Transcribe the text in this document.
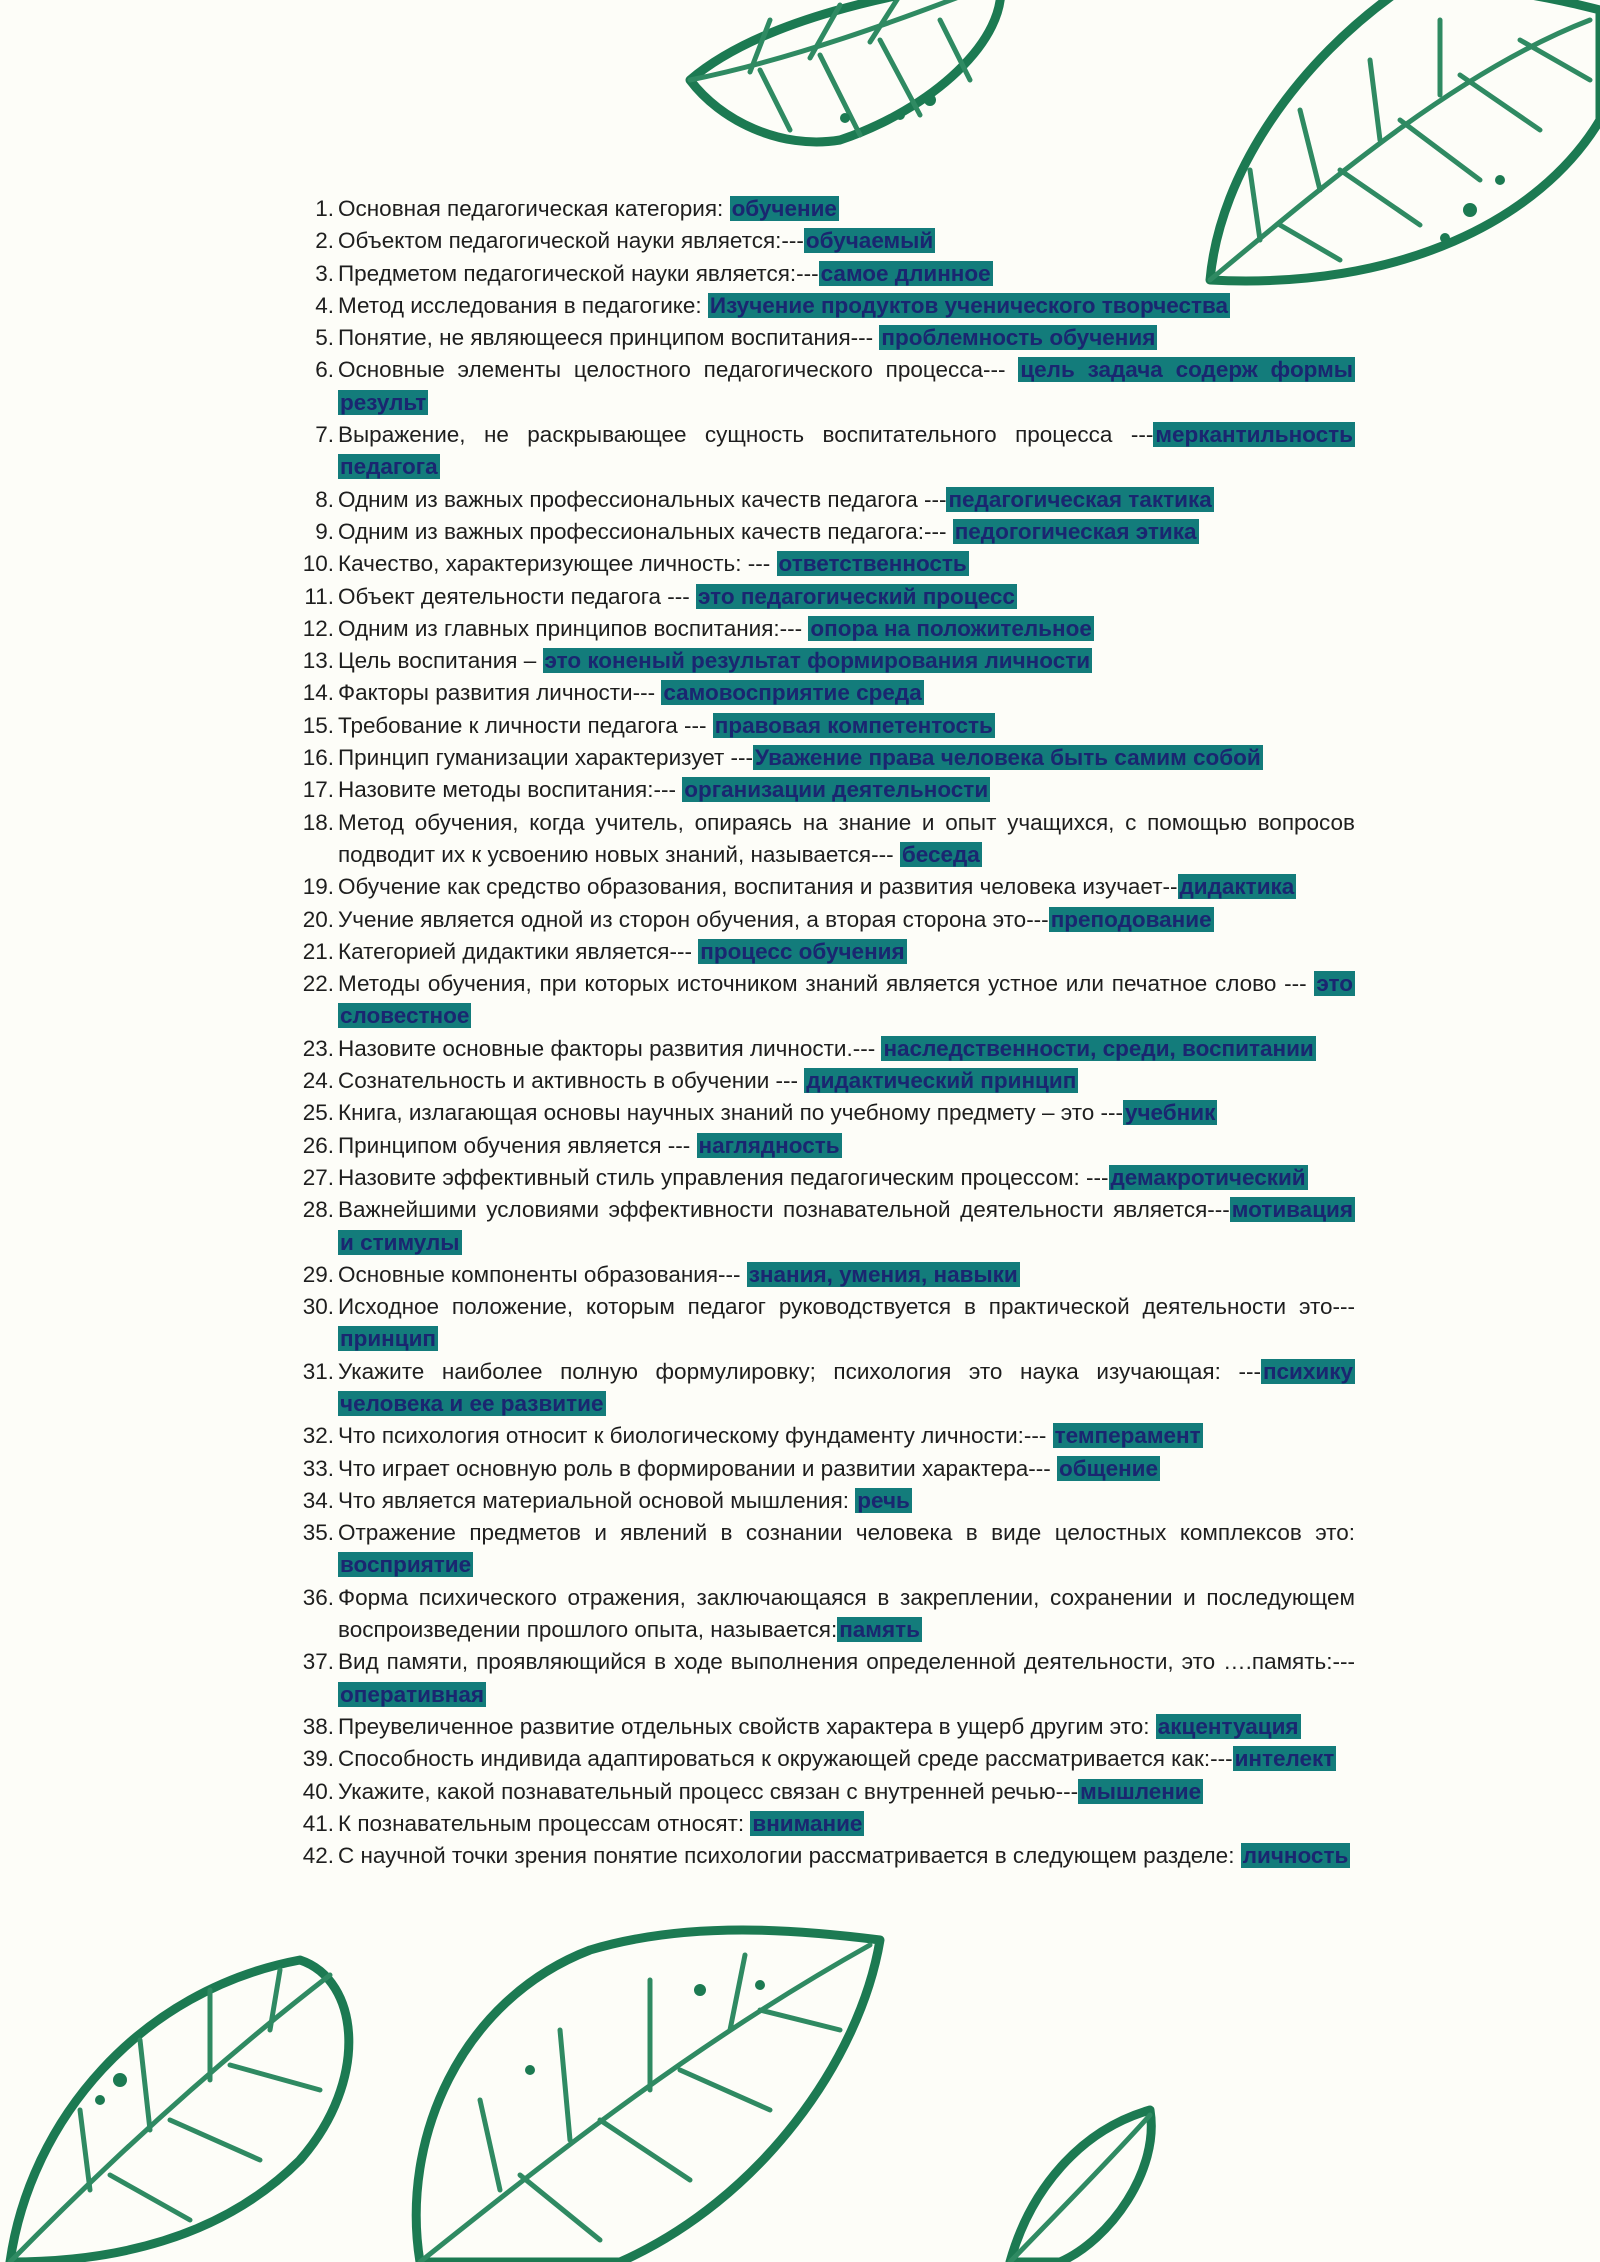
1 . Основная педагогическая категория: обучение
2 . Объектом педагогической науки является:---обучаемый
3 . Предметом педагогической науки является:---самое длинное
4 . Метод исследования в педагогике: Изучение продуктов ученического творчества
5 . Понятие, не являющееся принципом воспитания--- проблемность обучения
6 . Основные элементы целостного педагогического процесса--- цель задача содерж формы результ
7 . Выражение, не раскрывающее сущность воспитательного процесса ---меркантильность педагога
8 . Одним из важных профессиональных качеств педагога ---педагогическая тактика
9 . Одним из важных профессиональных качеств педагога:--- педогогическая этика
10 . Качество, характеризующее личность: --- ответственность
11 . Объект деятельности педагога --- это педагогический процесс
12 . Одним из главных принципов воспитания:--- опора на положительное
13 . Цель воспитания – это коненый результат формирования личности
14 . Факторы развития личности--- самовосприятие среда
15 . Требование к личности педагога --- правовая компетентость
16 . Принцип гуманизации характеризует ---Уважение права человека быть самим собой
17 . Назовите методы воспитания:--- организации деятельности
18 . Метод обучения, когда учитель, опираясь на знание и опыт учащихся, с помощью вопросов подводит их к усвоению новых знаний, называется--- беседа
19 . Обучение как средство образования, воспитания и развития человека изучает--дидактика
20 . Учение является одной из сторон обучения, а вторая сторона это---преподование
21 . Категорией дидактики является--- процесс обучения
22 . Методы обучения, при которых источником знаний является устное или печатное слово --- это словестное
23 . Назовите основные факторы развития личности.--- наследственности, среди, воспитании
24 . Сознательность и активность в обучении --- дидактический принцип
25 . Книга, излагающая основы научных знаний по учебному предмету – это ---учебник
26 . Принципом обучения является --- наглядность
27 . Назовите эффективный стиль управления педагогическим процессом: ---демакротический
28 . Важнейшими условиями эффективности познавательной деятельности является---мотивация и стимулы
29 . Основные компоненты образования--- знания, умения, навыки
30 . Исходное положение, которым педагог руководствуется в практической деятельности это--- принцип
31 . Укажите наиболее полную формулировку; психология это наука изучающая: ---психику человека и ее развитие
32 . Что психология относит к биологическому фундаменту личности:--- темперамент
33 . Что играет основную роль в формировании и развитии характера--- общение
34 . Что является материальной основой мышления: речь
35 . Отражение предметов и явлений в сознании человека в виде целостных комплексов это: восприятие
36 . Форма психического отражения, заключающаяся в закреплении, сохранении и последующем воспроизведении прошлого опыта, называется:память
37 . Вид памяти, проявляющийся в ходе выполнения определенной деятельности, это ….память:--- оперативная
38 . Преувеличенное развитие отдельных свойств характера в ущерб другим это: акцентуация
39 . Способность индивида адаптироваться к окружающей среде рассматривается как:---интелект
40 . Укажите, какой познавательный процесс связан с внутренней речью---мышление
41 . К познавательным процессам относят: внимание
42 . С научной точки зрения понятие психологии рассматривается в следующем разделе: личность
